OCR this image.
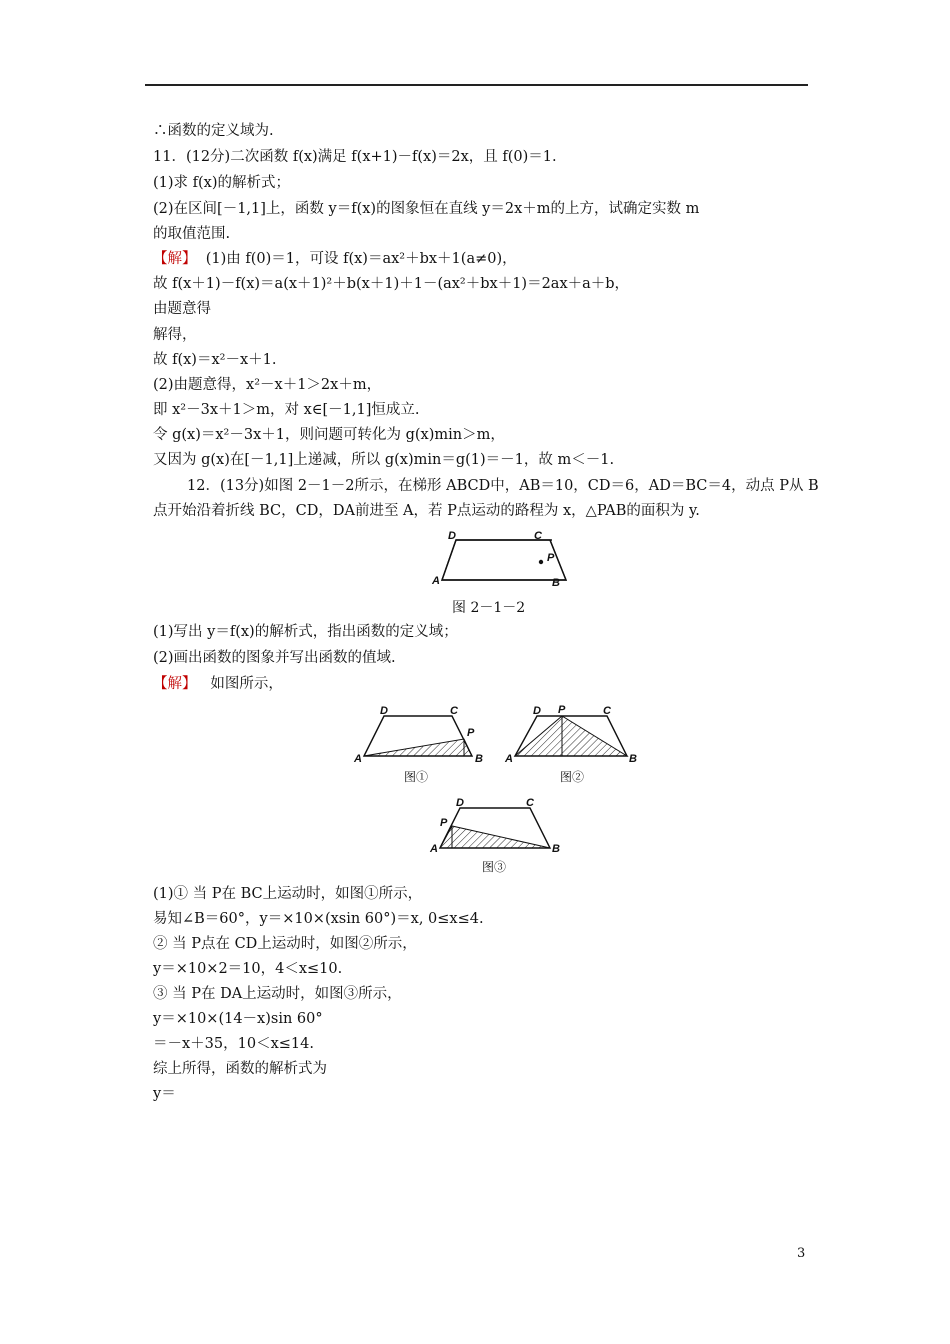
∴函数的定义域为.
11．(12分)二次函数 f(x)满足 f(x+1)－f(x)＝2x，且 f(0)＝1.
(1)求 f(x)的解析式；
(2)在区间[－1,1]上，函数 y＝f(x)的图象恒在直线 y＝2x＋m的上方，试确定实数 m
的取值范围.
【解】 (1)由 f(0)＝1，可设 f(x)＝ax²＋bx＋1(a≠0)，
故 f(x＋1)－f(x)＝a(x＋1)²＋b(x＋1)＋1－(ax²＋bx＋1)＝2ax＋a＋b，
由题意得
解得，
故 f(x)＝x²－x＋1.
(2)由题意得，x²－x＋1＞2x＋m，
即 x²－3x＋1＞m，对 x∈[－1,1]恒成立.
令 g(x)＝x²－3x＋1，则问题可转化为 g(x)min＞m，
又因为 g(x)在[－1,1]上递减，所以 g(x)min＝g(1)＝－1，故 m＜－1.
12．(13分)如图 2－1－2所示，在梯形 ABCD中，AB＝10，CD＝6，AD＝BC＝4，动点 P从 B
点开始沿着折线 BC，CD，DA前进至 A，若 P点运动的路程为 x，△PAB的面积为 y.
D	C
P
A	B
图 2－1－2
(1)写出 y＝f(x)的解析式，指出函数的定义域；
(2)画出函数的图象并写出函数的值域.
【解】 如图所示，
D	C
P
A	B
图①
D P	C
A	B
图②
D	C
P
A	B
图③
(1)① 当 P在 BC上运动时，如图①所示，
易知∠B＝60°，y＝×10×(xsin 60°)＝x, 0≤x≤4.
② 当 P点在 CD上运动时，如图②所示，
y＝×10×2＝10，4＜x≤10.
③ 当 P在 DA上运动时，如图③所示，
y＝×10×(14－x)sin 60°
＝－x＋35，10＜x≤14.
综上所得，函数的解析式为
y＝
3
